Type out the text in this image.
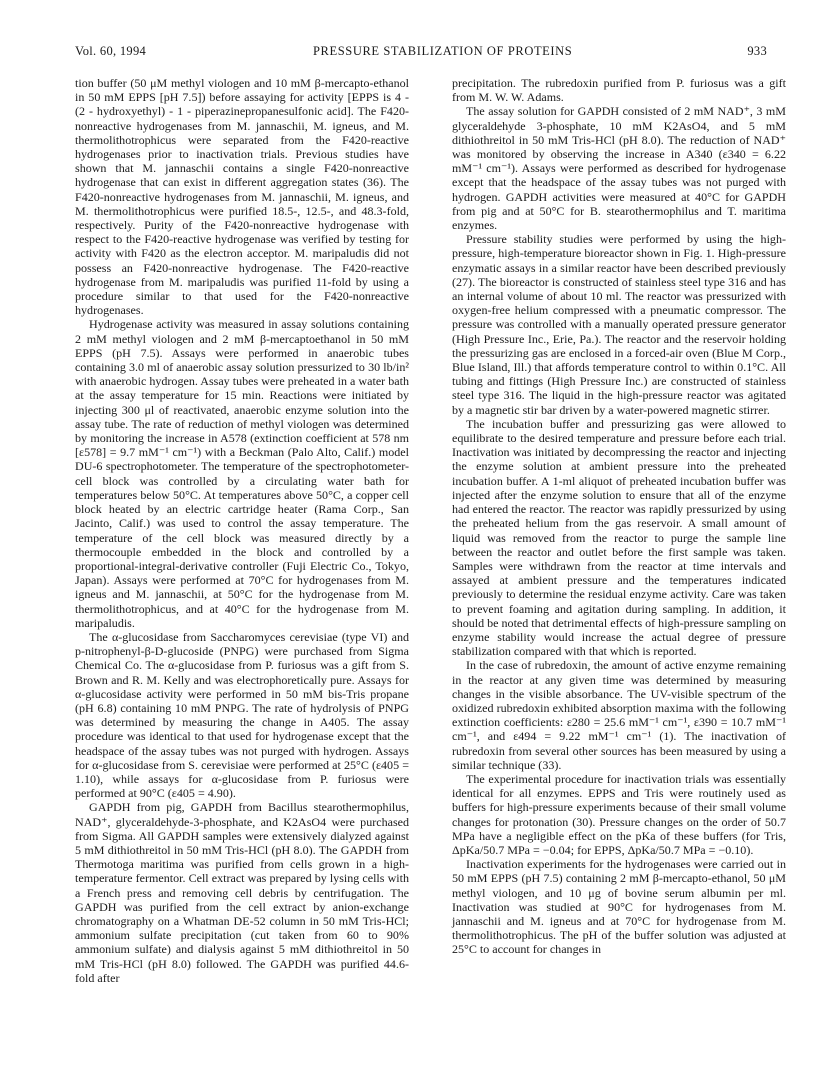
Vol. 60, 1994	PRESSURE STABILIZATION OF PROTEINS	933

tion buffer (50 μM methyl viologen and 10 mM β-mercapto-ethanol in 50 mM EPPS [pH 7.5]) before assaying for activity [EPPS is 4 - (2 - hydroxyethyl) - 1 - piperazinepropanesulfonic acid]. The F420-nonreactive hydrogenases from M. jannaschii, M. igneus, and M. thermolithotrophicus were separated from the F420-reactive hydrogenases prior to inactivation trials. Previous studies have shown that M. jannaschii contains a single F420-nonreactive hydrogenase that can exist in different aggregation states (36). The F420-nonreactive hydrogenases from M. jannaschii, M. igneus, and M. thermolithotrophicus were purified 18.5-, 12.5-, and 48.3-fold, respectively. Purity of the F420-nonreactive hydrogenase with respect to the F420-reactive hydrogenase was verified by testing for activity with F420 as the electron acceptor. M. maripaludis did not possess an F420-nonreactive hydrogenase. The F420-reactive hydrogenase from M. maripaludis was purified 11-fold by using a procedure similar to that used for the F420-nonreactive hydrogenases.

Hydrogenase activity was measured in assay solutions containing 2 mM methyl viologen and 2 mM β-mercaptoethanol in 50 mM EPPS (pH 7.5). Assays were performed in anaerobic tubes containing 3.0 ml of anaerobic assay solution pressurized to 30 lb/in² with anaerobic hydrogen. Assay tubes were preheated in a water bath at the assay temperature for 15 min. Reactions were initiated by injecting 300 μl of reactivated, anaerobic enzyme solution into the assay tube. The rate of reduction of methyl viologen was determined by monitoring the increase in A578 (extinction coefficient at 578 nm [ε578] = 9.7 mM⁻¹ cm⁻¹) with a Beckman (Palo Alto, Calif.) model DU-6 spectrophotometer. The temperature of the spectrophotometer-cell block was controlled by a circulating water bath for temperatures below 50°C. At temperatures above 50°C, a copper cell block heated by an electric cartridge heater (Rama Corp., San Jacinto, Calif.) was used to control the assay temperature. The temperature of the cell block was measured directly by a thermocouple embedded in the block and controlled by a proportional-integral-derivative controller (Fuji Electric Co., Tokyo, Japan). Assays were performed at 70°C for hydrogenases from M. igneus and M. jannaschii, at 50°C for the hydrogenase from M. thermolithotrophicus, and at 40°C for the hydrogenase from M. maripaludis.

The α-glucosidase from Saccharomyces cerevisiae (type VI) and p-nitrophenyl-β-D-glucoside (PNPG) were purchased from Sigma Chemical Co. The α-glucosidase from P. furiosus was a gift from S. Brown and R. M. Kelly and was electrophoretically pure. Assays for α-glucosidase activity were performed in 50 mM bis-Tris propane (pH 6.8) containing 10 mM PNPG. The rate of hydrolysis of PNPG was determined by measuring the change in A405. The assay procedure was identical to that used for hydrogenase except that the headspace of the assay tubes was not purged with hydrogen. Assays for α-glucosidase from S. cerevisiae were performed at 25°C (ε405 = 1.10), while assays for α-glucosidase from P. furiosus were performed at 90°C (ε405 = 4.90).

GAPDH from pig, GAPDH from Bacillus stearothermophilus, NAD⁺, glyceraldehyde-3-phosphate, and K2AsO4 were purchased from Sigma. All GAPDH samples were extensively dialyzed against 5 mM dithiothreitol in 50 mM Tris-HCl (pH 8.0). The GAPDH from Thermotoga maritima was purified from cells grown in a high-temperature fermentor. Cell extract was prepared by lysing cells with a French press and removing cell debris by centrifugation. The GAPDH was purified from the cell extract by anion-exchange chromatography on a Whatman DE-52 column in 50 mM Tris-HCl; ammonium sulfate precipitation (cut taken from 60 to 90% ammonium sulfate) and dialysis against 5 mM dithiothreitol in 50 mM Tris-HCl (pH 8.0) followed. The GAPDH was purified 44.6-fold after

precipitation. The rubredoxin purified from P. furiosus was a gift from M. W. W. Adams.

The assay solution for GAPDH consisted of 2 mM NAD⁺, 3 mM glyceraldehyde 3-phosphate, 10 mM K2AsO4, and 5 mM dithiothreitol in 50 mM Tris-HCl (pH 8.0). The reduction of NAD⁺ was monitored by observing the increase in A340 (ε340 = 6.22 mM⁻¹ cm⁻¹). Assays were performed as described for hydrogenase except that the headspace of the assay tubes was not purged with hydrogen. GAPDH activities were measured at 40°C for GAPDH from pig and at 50°C for B. stearothermophilus and T. maritima enzymes.

Pressure stability studies were performed by using the high-pressure, high-temperature bioreactor shown in Fig. 1. High-pressure enzymatic assays in a similar reactor have been described previously (27). The bioreactor is constructed of stainless steel type 316 and has an internal volume of about 10 ml. The reactor was pressurized with oxygen-free helium compressed with a pneumatic compressor. The pressure was controlled with a manually operated pressure generator (High Pressure Inc., Erie, Pa.). The reactor and the reservoir holding the pressurizing gas are enclosed in a forced-air oven (Blue M Corp., Blue Island, Ill.) that affords temperature control to within 0.1°C. All tubing and fittings (High Pressure Inc.) are constructed of stainless steel type 316. The liquid in the high-pressure reactor was agitated by a magnetic stir bar driven by a water-powered magnetic stirrer.

The incubation buffer and pressurizing gas were allowed to equilibrate to the desired temperature and pressure before each trial. Inactivation was initiated by decompressing the reactor and injecting the enzyme solution at ambient pressure into the preheated incubation buffer. A 1-ml aliquot of preheated incubation buffer was injected after the enzyme solution to ensure that all of the enzyme had entered the reactor. The reactor was rapidly pressurized by using the preheated helium from the gas reservoir. A small amount of liquid was removed from the reactor to purge the sample line between the reactor and outlet before the first sample was taken. Samples were withdrawn from the reactor at time intervals and assayed at ambient pressure and the temperatures indicated previously to determine the residual enzyme activity. Care was taken to prevent foaming and agitation during sampling. In addition, it should be noted that detrimental effects of high-pressure sampling on enzyme stability would increase the actual degree of pressure stabilization compared with that which is reported.

In the case of rubredoxin, the amount of active enzyme remaining in the reactor at any given time was determined by measuring changes in the visible absorbance. The UV-visible spectrum of the oxidized rubredoxin exhibited absorption maxima with the following extinction coefficients: ε280 = 25.6 mM⁻¹ cm⁻¹, ε390 = 10.7 mM⁻¹ cm⁻¹, and ε494 = 9.22 mM⁻¹ cm⁻¹ (1). The inactivation of rubredoxin from several other sources has been measured by using a similar technique (33).

The experimental procedure for inactivation trials was essentially identical for all enzymes. EPPS and Tris were routinely used as buffers for high-pressure experiments because of their small volume changes for protonation (30). Pressure changes on the order of 50.7 MPa have a negligible effect on the pKa of these buffers (for Tris, ΔpKa/50.7 MPa = −0.04; for EPPS, ΔpKa/50.7 MPa = −0.10).

Inactivation experiments for the hydrogenases were carried out in 50 mM EPPS (pH 7.5) containing 2 mM β-mercapto-ethanol, 50 μM methyl viologen, and 10 μg of bovine serum albumin per ml. Inactivation was studied at 90°C for hydrogenases from M. jannaschii and M. igneus and at 70°C for hydrogenase from M. thermolithotrophicus. The pH of the buffer solution was adjusted at 25°C to account for changes in
